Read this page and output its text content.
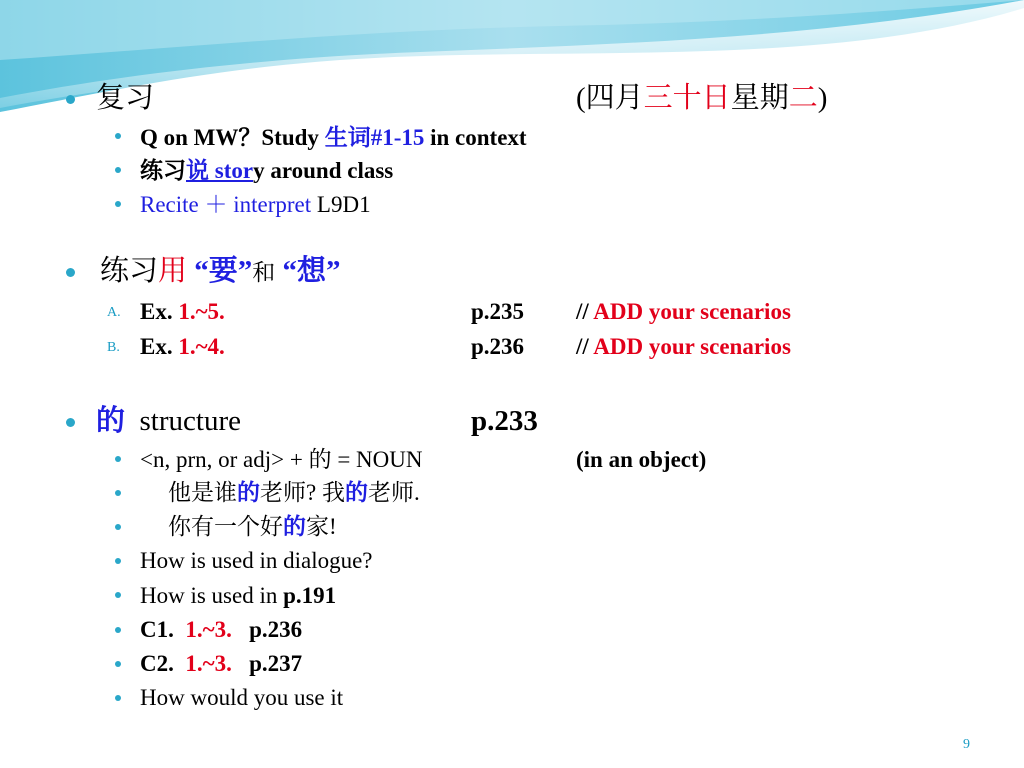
复习	(四月三十日星期二)
Q on MW？Study 生词#1-15 in context
练习说 story around class
Recite ＋ interpret L9D1
练习用 “要”和 “想”
A. Ex. 1.~5.	p.235 // ADD your scenarios
B. Ex. 1.~4.	p.236 // ADD your scenarios
的 structure	p.233
<n, prn, or adj> + 的 = NOUN	(in an object)
他是谁的老师? 我的老师.
你有一个好的家!
How is used in dialogue?
How is used in p.191
C1. 1.~3. p.236
C2. 1.~3. p.237
How would you use it
9
